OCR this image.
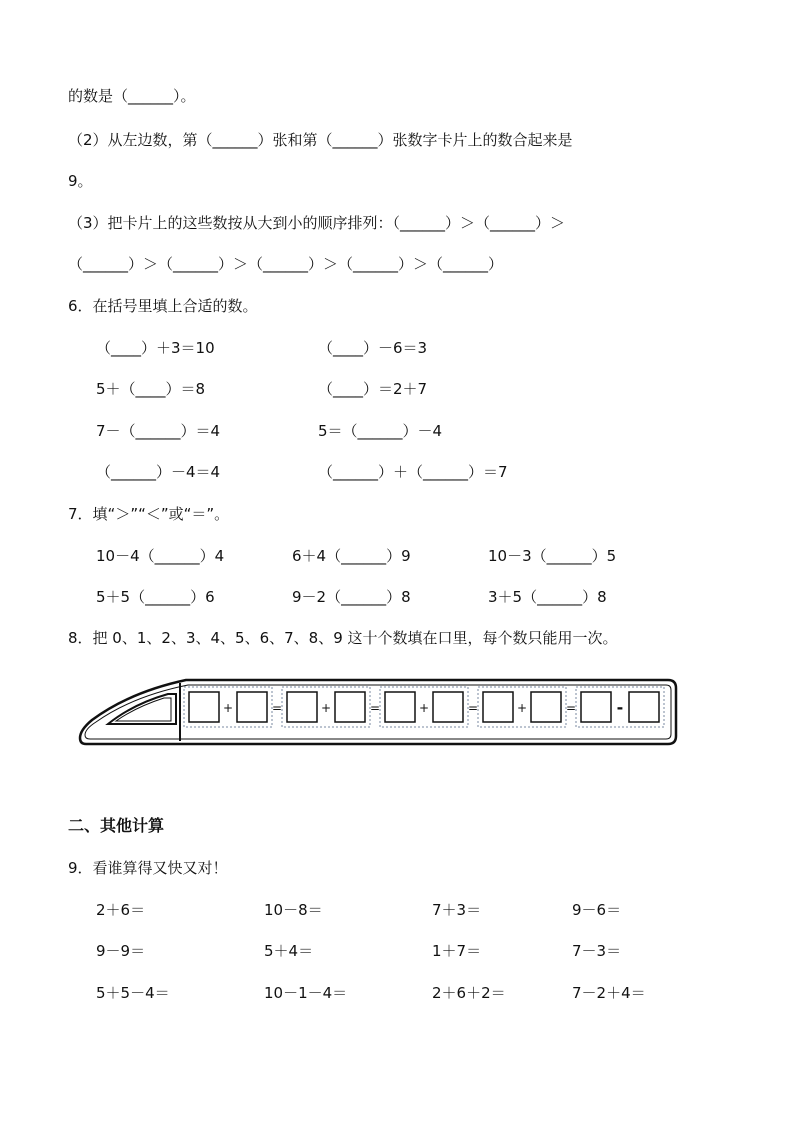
的数是（______）。
（2）从左边数，第（______）张和第（______）张数字卡片上的数合起来是
9。
（3）把卡片上的这些数按从大到小的顺序排列：（______）＞（______）＞
（______）＞（______）＞（______）＞（______）＞（______）
6．在括号里填上合适的数。
（____）＋3＝10	（____）－6＝3
5＋（____）＝8	（____）＝2＋7
7－（______）＝4	5＝（______）－4
（______）－4＝4	（______）＋（______）＝7
7．填“＞”“＜”或“＝”。
10－4（______）4	6＋4（______）9	10－3（______）5
5＋5（______）6	9－2（______）8	3＋5（______）8
8．把 0、1、2、3、4、5、6、7、8、9 这十个数填在口里，每个数只能用一次。
+	=	+	=	+	+	=	-
=
二、其他计算
9．看谁算得又快又对！
2＋6＝	10－8＝	7＋3＝	9－6＝
9－9＝	5＋4＝	1＋7＝	7－3＝
5＋5－4＝	10－1－4＝	2＋6＋2＝	7－2＋4＝
